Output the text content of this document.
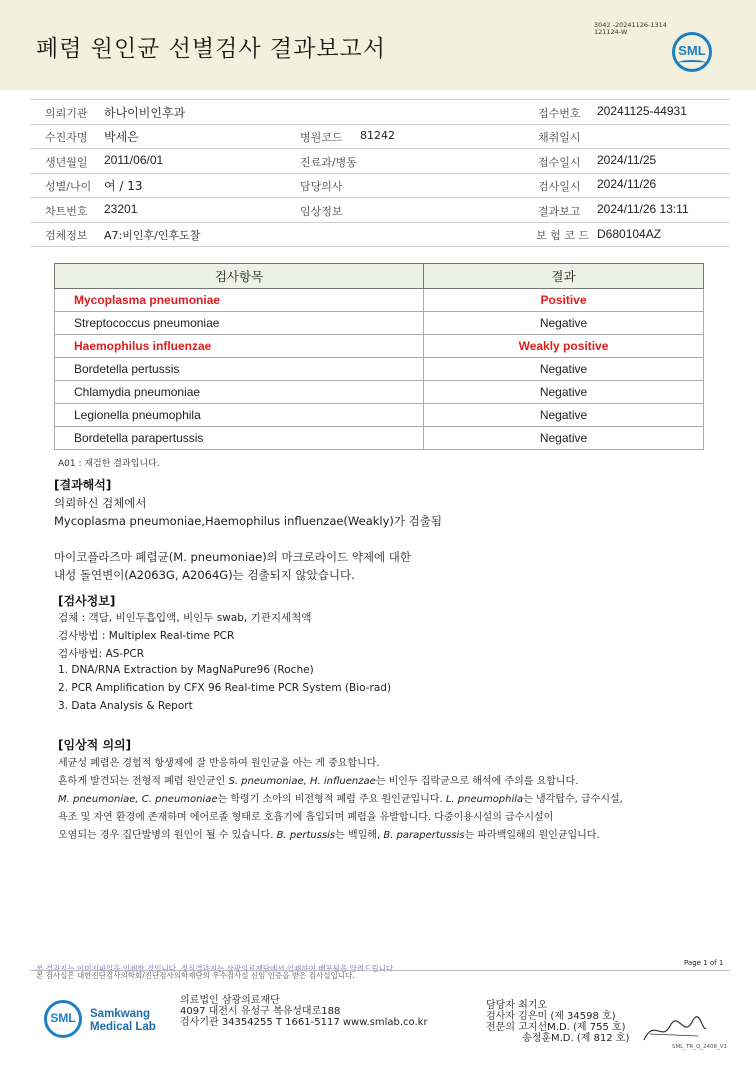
폐렴 원인균 선별검사 결과보고서
3042 -20241126-1314
121124-W
SML
의뢰기관 하나이비인후과	접수번호 20241125-44931
수진자명 박세은	병원코드 81242	채취일시
생년월일 2011/06/01	진료과/병동	접수일시 2024/11/25
성별/나이 여 / 13	담당의사	검사일시 2024/11/26
차트번호 23201	임상정보	결과보고 2024/11/26 13:11
검체정보 A7:비인후/인후도찰	보 험 코 드 D680104AZ
검사항목	결과
Mycoplasma pneumoniae	Positive
Streptococcus pneumoniae	Negative
Haemophilus influenzae	Weakly positive
Bordetella pertussis	Negative
Chlamydia pneumoniae	Negative
Legionella pneumophila	Negative
Bordetella parapertussis	Negative
A01 : 재검한 결과입니다.
[결과해석]
의뢰하신 검체에서
Mycoplasma pneumoniae,Haemophilus influenzae(Weakly)가 검출됨
마이코플라즈마 폐렴균(M. pneumoniae)의 마크로라이드 약제에 대한
내성 돌연변이(A2063G, A2064G)는 검출되지 않았습니다.
[검사정보]
검체 : 객담, 비인두흡입액, 비인두 swab, 기관지세척액
검사방법 : Multiplex Real-time PCR
검사방법: AS-PCR
1. DNA/RNA Extraction by MagNaPure96 (Roche)
2. PCR Amplification by CFX 96 Real-time PCR System (Bio-rad)
3. Data Analysis & Report
[임상적 의의]
세균성 폐렴은 경험적 항생제에 잘 반응하여 원인균을 아는 게 중요합니다.
흔하게 발견되는 전형적 폐렴 원인균인 S. pneumoniae, H. influenzae는 비인두 집락균으로 해석에 주의를 요합니다.
M. pneumoniae, C. pneumoniae는 학령기 소아의 비전형적 폐렴 주요 원인균입니다. L. pneumophila는 냉각탑수, 급수시설,
욕조 및 자연 환경에 존재하며 에어로졸 형태로 호흡기에 흡입되며 폐렴을 유발합니다. 다중이용시설의 급수시설이
오염되는 경우 집단발병의 원인이 될 수 있습니다. B. pertussis는 백일해, B. parapertussis는 파라백일해의 원인균입니다.
본 결과지는 이미지파일을 인쇄한 것입니다. 정식결과지는 삼광의료재단에서 인쇄하여 배포됨을 알려드립니다.
본 검사실은 대한진단검사의학회/진단검사의학재단의 우수검사실 신임 인증을 받은 검사실입니다.
Page 1 of 1
SML Samkwang
Medical Lab
의료법인 삼광의료재단
4097 대전시 유성구 복유성대로188
검사기관 34354255 T 1661-5117 www.smlab.co.kr
담당자 최기오
검사자 김은미 (제 34598 호)
전문의 고지선M.D. (제 755 호)
송정훈M.D. (제 812 호)
SML_TR_Q_2408_V1
